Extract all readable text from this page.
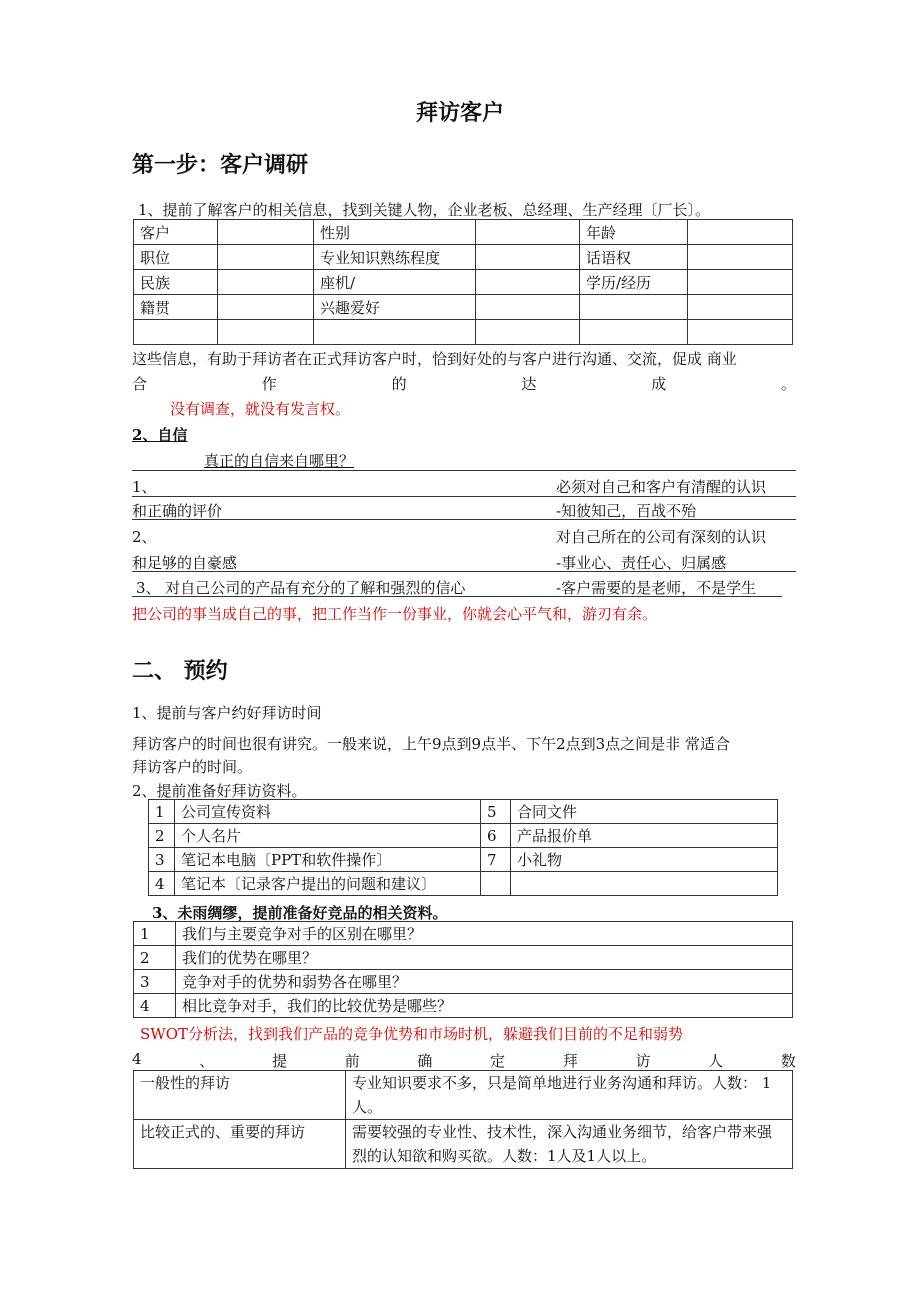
拜访客户
第一步：客户调研
1、提前了解客户的相关信息，找到关键人物，企业老板、总经理、生产经理〔厂长〕。
客户		性别		年龄	
职位		专业知识熟练程度		话语权	
民族		座机/		学历/经历	
籍贯		兴趣爱好			

这些信息，有助于拜访者在正式拜访客户时，恰到好处的与客户进行沟通、交流，促成 商业
合	作	的	达	成	。
没有调查，就没有发言权。
2、自信
真正的自信来自哪里？
1、	必须对自己和客户有清醒的认识
和正确的评价	-知彼知己，百战不殆
2、	对自己所在的公司有深刻的认识
和足够的自豪感	-事业心、责任心、归属感
3、 对自己公司的产品有充分的了解和强烈的信心	-客户需要的是老师，不是学生
把公司的事当成自己的事，把工作当作一份事业，你就会心平气和，游刃有余。
二、 预约
1、提前与客户约好拜访时间
拜访客户的时间也很有讲究。一般来说，上午9点到9点半、下午2点到3点之间是非 常适合
拜访客户的时间。
2、提前准备好拜访资料。
1	公司宣传资料	5	合同文件
2	个人名片	6	产品报价单
3	笔记本电脑〔PPT和软件操作〕	7	小礼物
4	笔记本〔记录客户提出的问题和建议〕		
3、未雨绸缪，提前准备好竞品的相关资料。
1	我们与主要竞争对手的区别在哪里？
2	我们的优势在哪里？
3	竞争对手的优势和弱势各在哪里？
4	相比竞争对手，我们的比较优势是哪些？
SWOT分析法，找到我们产品的竞争优势和市场时机，躲避我们目前的不足和弱势
4	、	提	前	确	定	拜	访	人	数
一般性的拜访	专业知识要求不多，只是简单地进行业务沟通和拜访。人数： 1人。
比较正式的、重要的拜访	需要较强的专业性、技术性，深入沟通业务细节，给客户带来强烈的认知欲和购买欲。人数：1人及1人以上。
